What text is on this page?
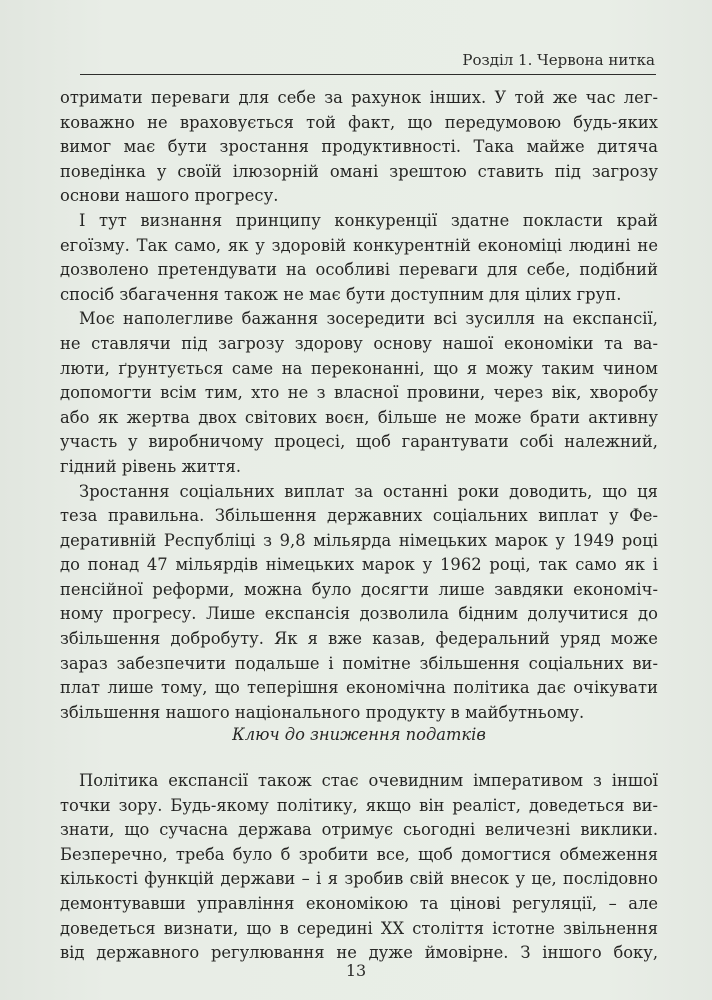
Розділ 1. Червона нитка
отримати переваги для себе за рахунок інших. У той же час лег-
коважно не враховується той факт, що передумовою будь-яких
вимог має бути зростання продуктивності. Така майже дитяча
поведінка у своїй ілюзорній омані зрештою ставить під загрозу
основи нашого прогресу.
І тут визнання принципу конкуренції здатне покласти край
егоїзму. Так само, як у здоровій конкурентній економіці людині не
дозволено претендувати на особливі переваги для себе, подібний
спосіб збагачення також не має бути доступним для цілих груп.
Моє наполегливе бажання зосередити всі зусилля на експансії,
не ставлячи під загрозу здорову основу нашої економіки та ва-
люти, ґрунтується саме на переконанні, що я можу таким чином
допомогти всім тим, хто не з власної провини, через вік, хворобу
або як жертва двох світових воєн, більше не може брати активну
участь у виробничому процесі, щоб гарантувати собі належний,
гідний рівень життя.
Зростання соціальних виплат за останні роки доводить, що ця
теза правильна. Збільшення державних соціальних виплат у Фе-
деративній Республіці з 9,8 мільярда німецьких марок у 1949 році
до понад 47 мільярдів німецьких марок у 1962 році, так само як і
пенсійної реформи, можна було досягти лише завдяки економіч-
ному прогресу. Лише експансія дозволила бідним долучитися до
збільшення добробуту. Як я вже казав, федеральний уряд може
зараз забезпечити подальше і помітне збільшення соціальних ви-
плат лише тому, що теперішня економічна політика дає очікувати
збільшення нашого національного продукту в майбутньому.
Ключ до зниження податків
Політика експансії також стає очевидним імперативом з іншої
точки зору. Будь-якому політику, якщо він реаліст, доведеться ви-
знати, що сучасна держава отримує сьогодні величезні виклики.
Безперечно, треба було б зробити все, щоб домогтися обмеження
кількості функцій держави – і я зробив свій внесок у це, послідовно
демонтувавши управління економікою та цінові регуляції, – але
доведеться визнати, що в середині ХХ століття істотне звільнення
від державного регулювання не дуже ймовірне. З іншого боку,
13
